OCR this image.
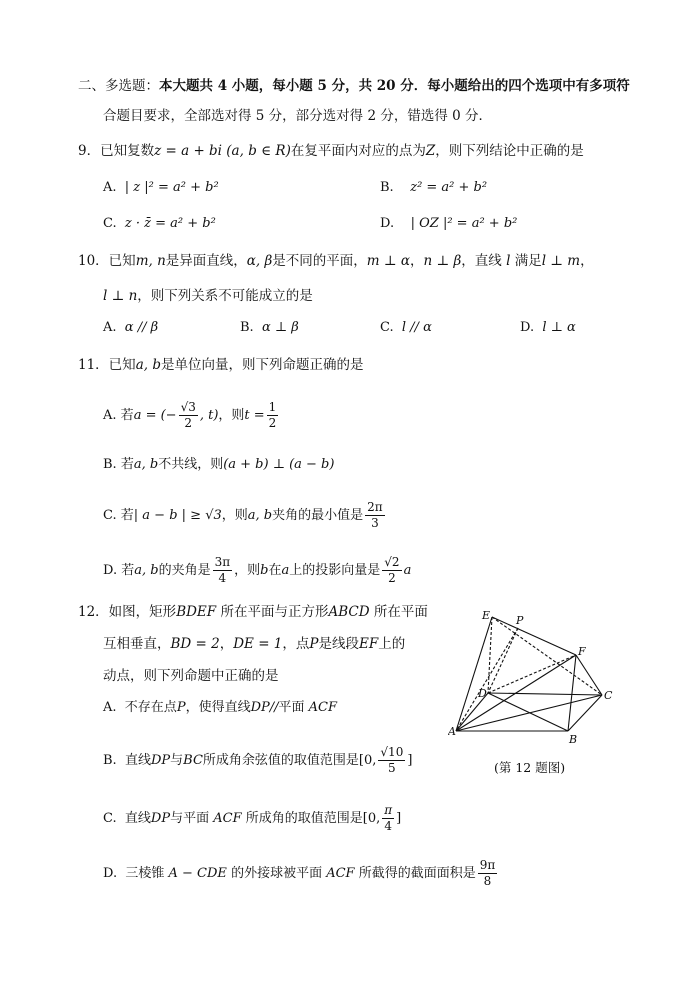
二、多选题：本大题共 4 小题，每小题 5 分，共 20 分．每小题给出的四个选项中有多项符
合题目要求，全部选对得 5 分，部分选对得 2 分，错选得 0 分．
9．已知复数z = a + bi (a, b ∈ R)在复平面内对应的点为Z，则下列结论中正确的是
A. | z |² = a² + b²	B. z² = a² + b²
C. z · z̄ = a² + b²	D. | OZ |² = a² + b²
10．已知m, n是异面直线，α, β是不同的平面，m ⊥ α，n ⊥ β，直线 l 满足l ⊥ m，
l ⊥ n，则下列关系不可能成立的是
A. α // β	B. α ⊥ β	C. l // α	D. l ⊥ α
11．已知a, b是单位向量，则下列命题正确的是
A. 若a = (− $\frac{√3}{2}$ , t)，则$t = \frac{1}{2}$
B. 若a, b不共线，则(a + b) ⊥ (a − b)
C. 若| a − b | ≥ √3，则a, b夹角的最小值是 $\frac{2\pi}{3}$
D. 若a, b的夹角是 $\frac{3\pi}{4}$ ，则b在a上的投影向量是 $\frac{√2}{2}$ a
12．如图，矩形BDEF 所在平面与正方形ABCD 所在平面
互相垂直，BD = 2，DE = 1，点P是线段EF上的
动点，则下列命题中正确的是
A. 不存在点P，使得直线DP//平面 ACF
B. 直线DP与BC所成角余弦值的取值范围是[0, $\frac{√10}{5}$ ]
C. 直线DP与平面 ACF 所成角的取值范围是[0, $\frac{\pi}{4}$ ]
D. 三棱锥 A − CDE 的外接球被平面 ACF 所截得的截面面积是 $\frac{9\pi}{8}$
E P
F
D	C
A
B
(第 12 题图)
